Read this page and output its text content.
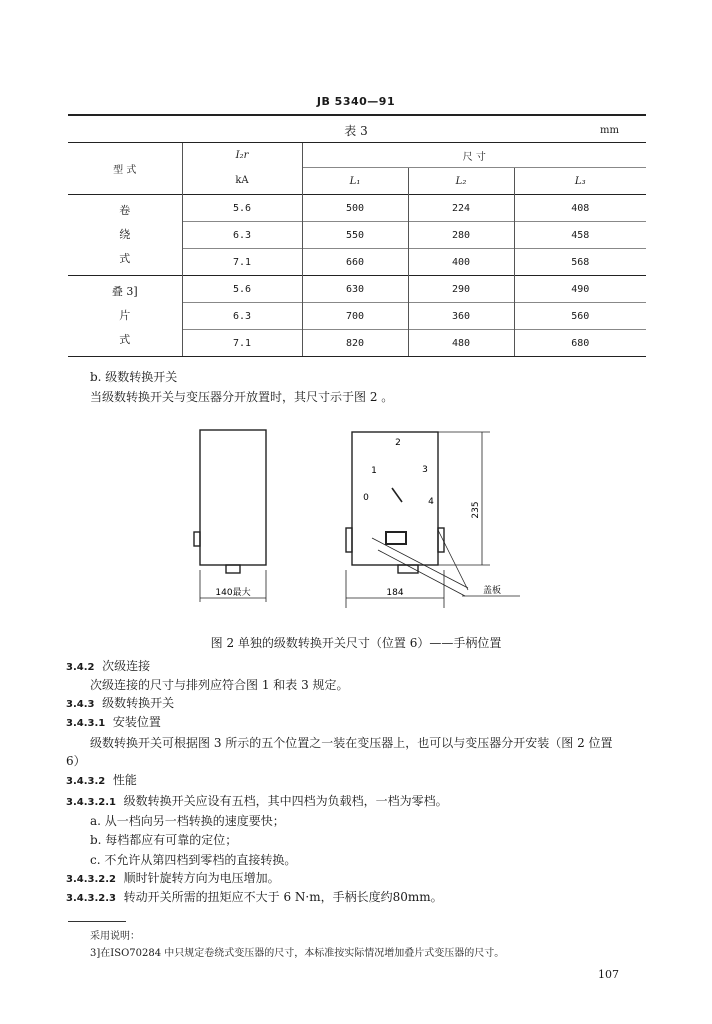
JB 5340—91
表 3	mm
型 式	I₂r	尺 寸		
	kA	L₁	L₂	L₃

卷
绕
式	5.6	500	224	408
	6.3	550	280	458
	7.1	660	400	568

叠 3]
片
式	5.6	630	290	490
	6.3	700	360	560
	7.1	820	480	680
b. 级数转换开关
当级数转换开关与变压器分开放置时，其尺寸示于图 2 。
2
1	3
0	4	235
140最大	184	盖板
图 2 单独的级数转换开关尺寸（位置 6）——手柄位置
3.4.2 次级连接
次级连接的尺寸与排列应符合图 1 和表 3 规定。
3.4.3 级数转换开关
3.4.3.1 安装位置
级数转换开关可根据图 3 所示的五个位置之一装在变压器上，也可以与变压器分开安装（图 2 位置
6）
3.4.3.2 性能
3.4.3.2.1 级数转换开关应设有五档，其中四档为负载档，一档为零档。
a. 从一档向另一档转换的速度要快；
b. 每档都应有可靠的定位；
c. 不允许从第四档到零档的直接转换。
3.4.3.2.2 顺时针旋转方向为电压增加。
3.4.3.2.3 转动开关所需的扭矩应不大于 6 N·m，手柄长度约80mm。
采用说明：
3]在ISO70284 中只规定卷绕式变压器的尺寸，本标准按实际情况增加叠片式变压器的尺寸。
107
